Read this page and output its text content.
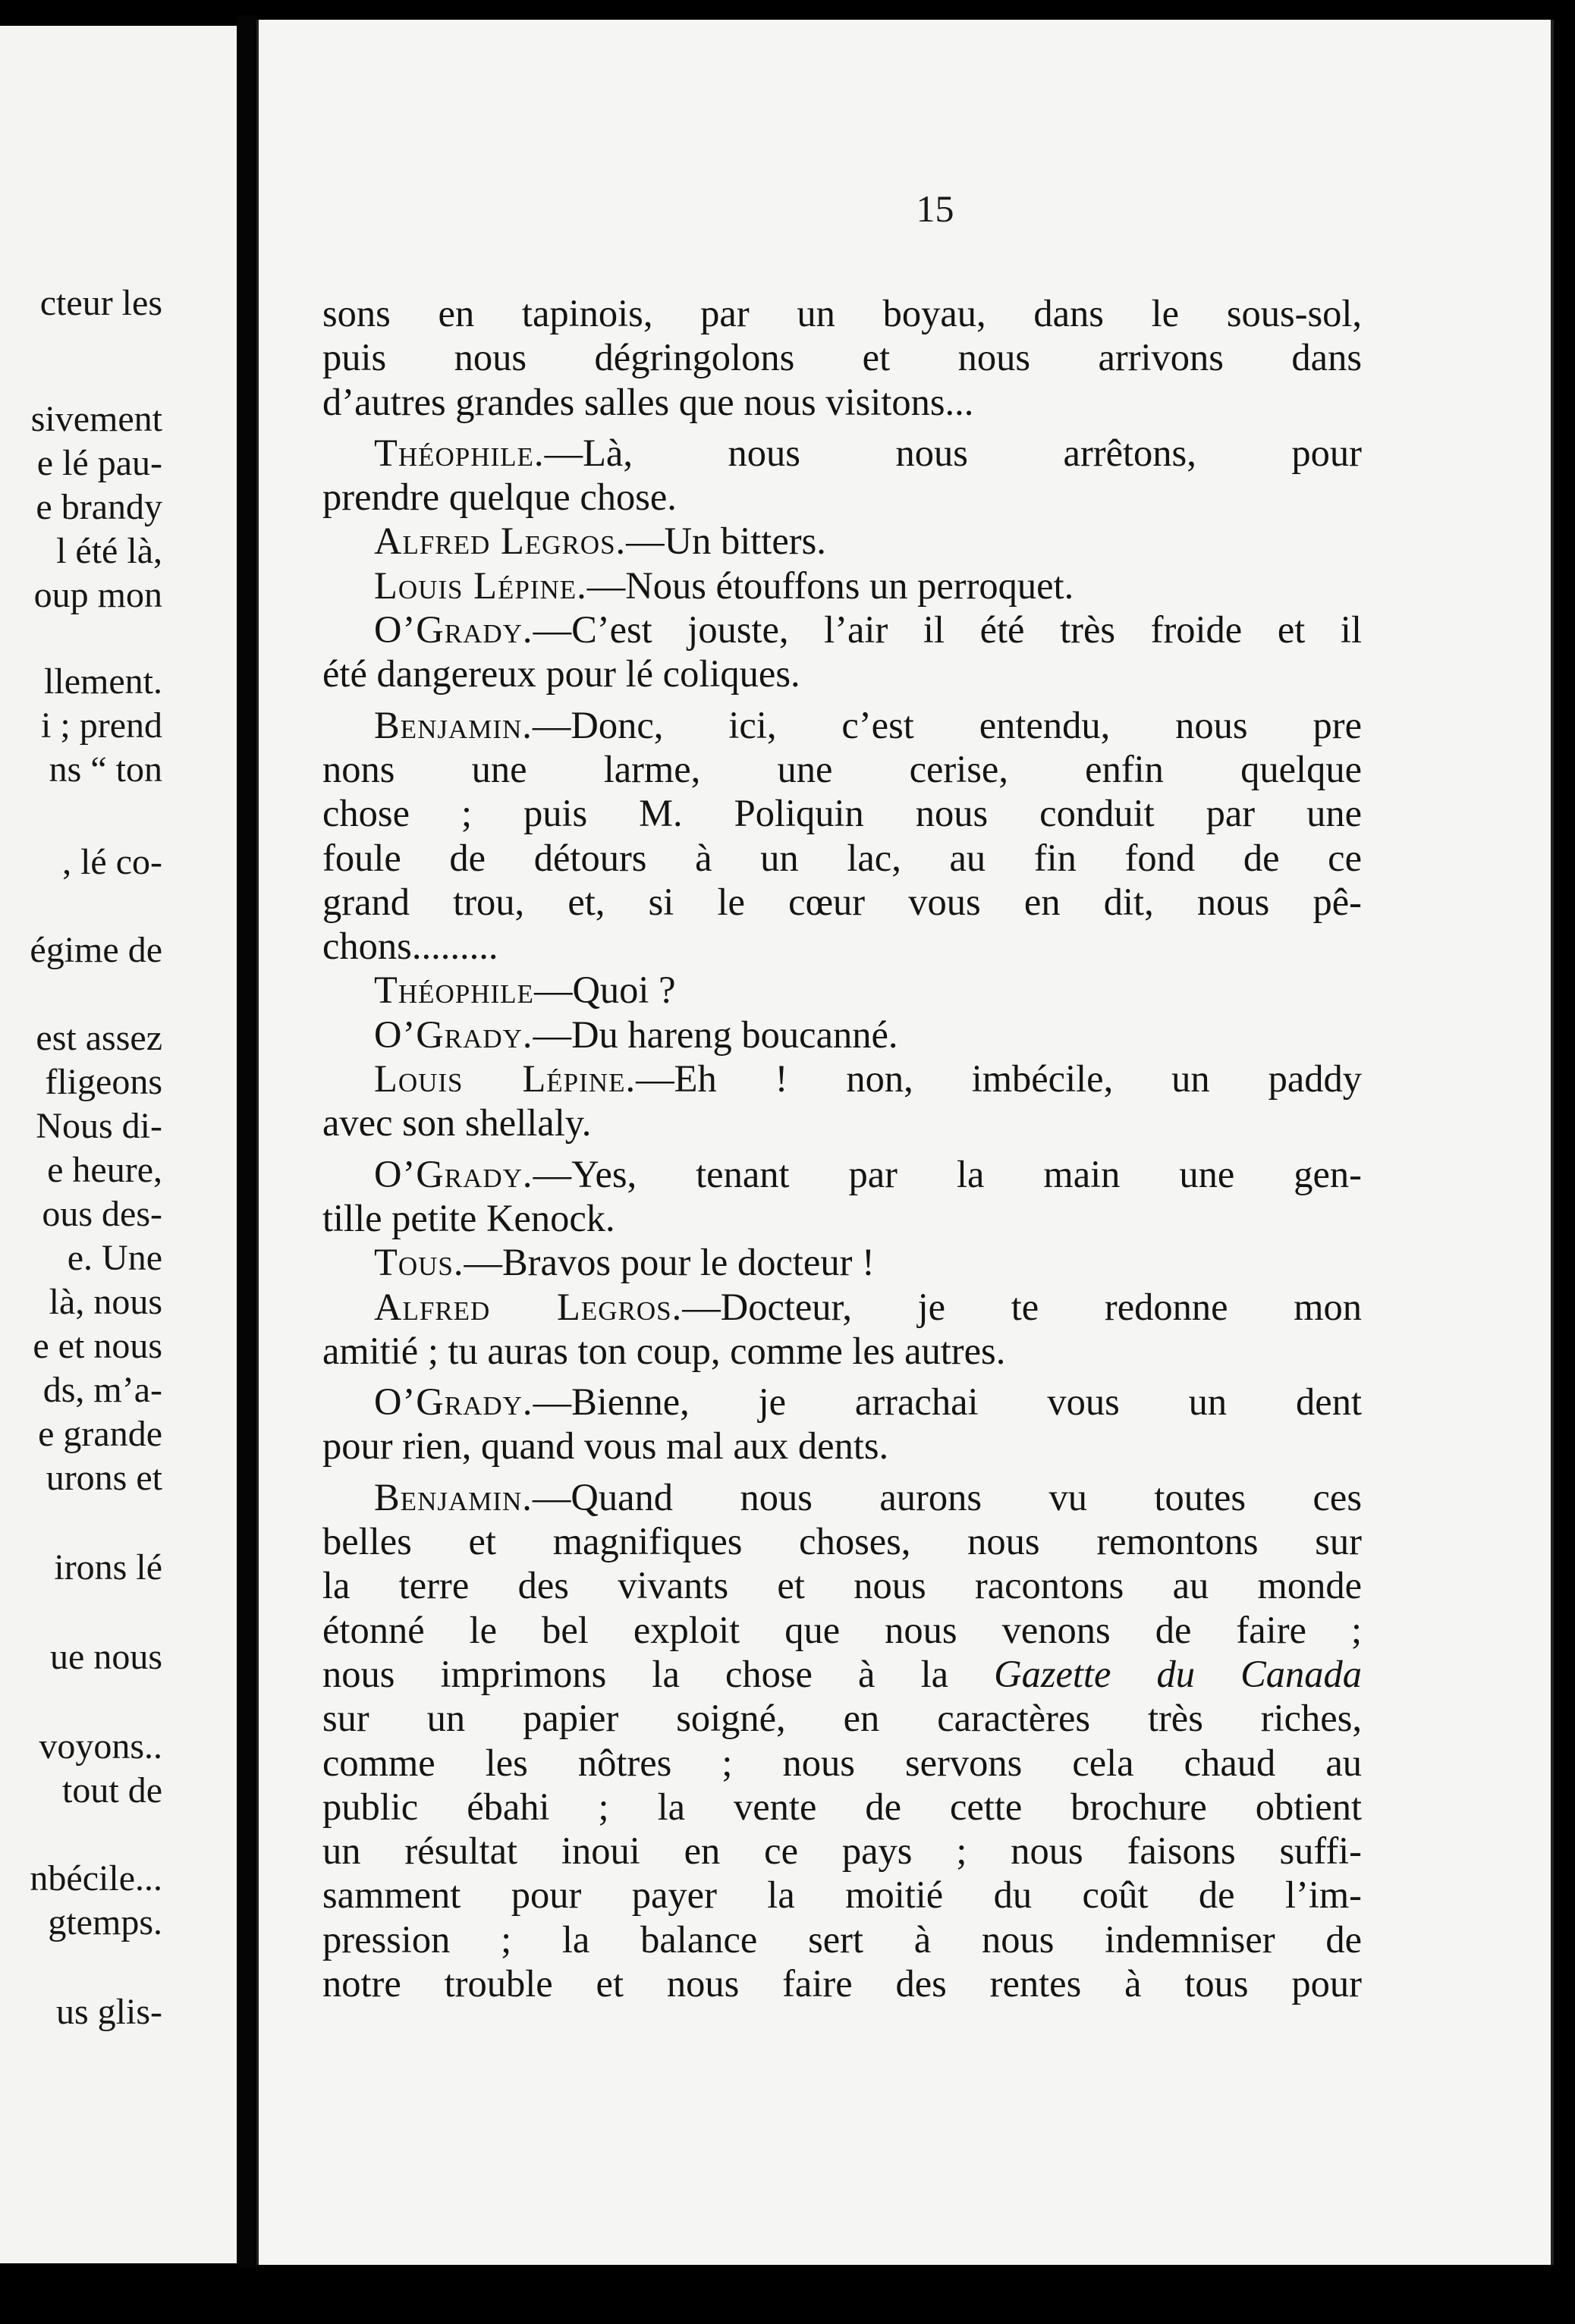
cteur les
sivement
e lé pau-
e brandy
l été là,
oup mon
llement.
i ; prend
ns “ ton
, lé co-
égime de
est assez
fligeons
Nous di-
e heure,
ous des-
e. Une
là, nous
e et nous
ds, m’a-
e grande
urons et
irons lé
ue nous
voyons..
tout de
nbécile...
gtemps.
us glis-
15
sons en tapinois, par un boyau, dans le sous-sol,
puis nous dégringolons et nous arrivons dans
d’autres grandes salles que nous visitons...
Théophile.—Là, nous nous arrêtons, pour
prendre quelque chose.
Alfred Legros.—Un bitters.
Louis Lépine.—Nous étouffons un perroquet.
O’Grady.—C’est jouste, l’air il été très froide et il
été dangereux pour lé coliques.
Benjamin.—Donc, ici, c’est entendu, nous pre
nons une larme, une cerise, enfin quelque
chose ; puis M. Poliquin nous conduit par une
foule de détours à un lac, au fin fond de ce
grand trou, et, si le cœur vous en dit, nous pê-
chons.........
Théophile—Quoi ?
O’Grady.—Du hareng boucanné.
Louis Lépine.—Eh ! non, imbécile, un paddy
avec son shellaly.
O’Grady.—Yes, tenant par la main une gen-
tille petite Kenock.
Tous.—Bravos pour le docteur !
Alfred Legros.—Docteur, je te redonne mon
amitié ; tu auras ton coup, comme les autres.
O’Grady.—Bienne, je arrachai vous un dent
pour rien, quand vous mal aux dents.
Benjamin.—Quand nous aurons vu toutes ces
belles et magnifiques choses, nous remontons sur
la terre des vivants et nous racontons au monde
étonné le bel exploit que nous venons de faire ;
nous imprimons la chose à la Gazette du Canada
sur un papier soigné, en caractères très riches,
comme les nôtres ; nous servons cela chaud au
public ébahi ; la vente de cette brochure obtient
un résultat inoui en ce pays ; nous faisons suffi-
samment pour payer la moitié du coût de l’im-
pression ; la balance sert à nous indemniser de
notre trouble et nous faire des rentes à tous pour
